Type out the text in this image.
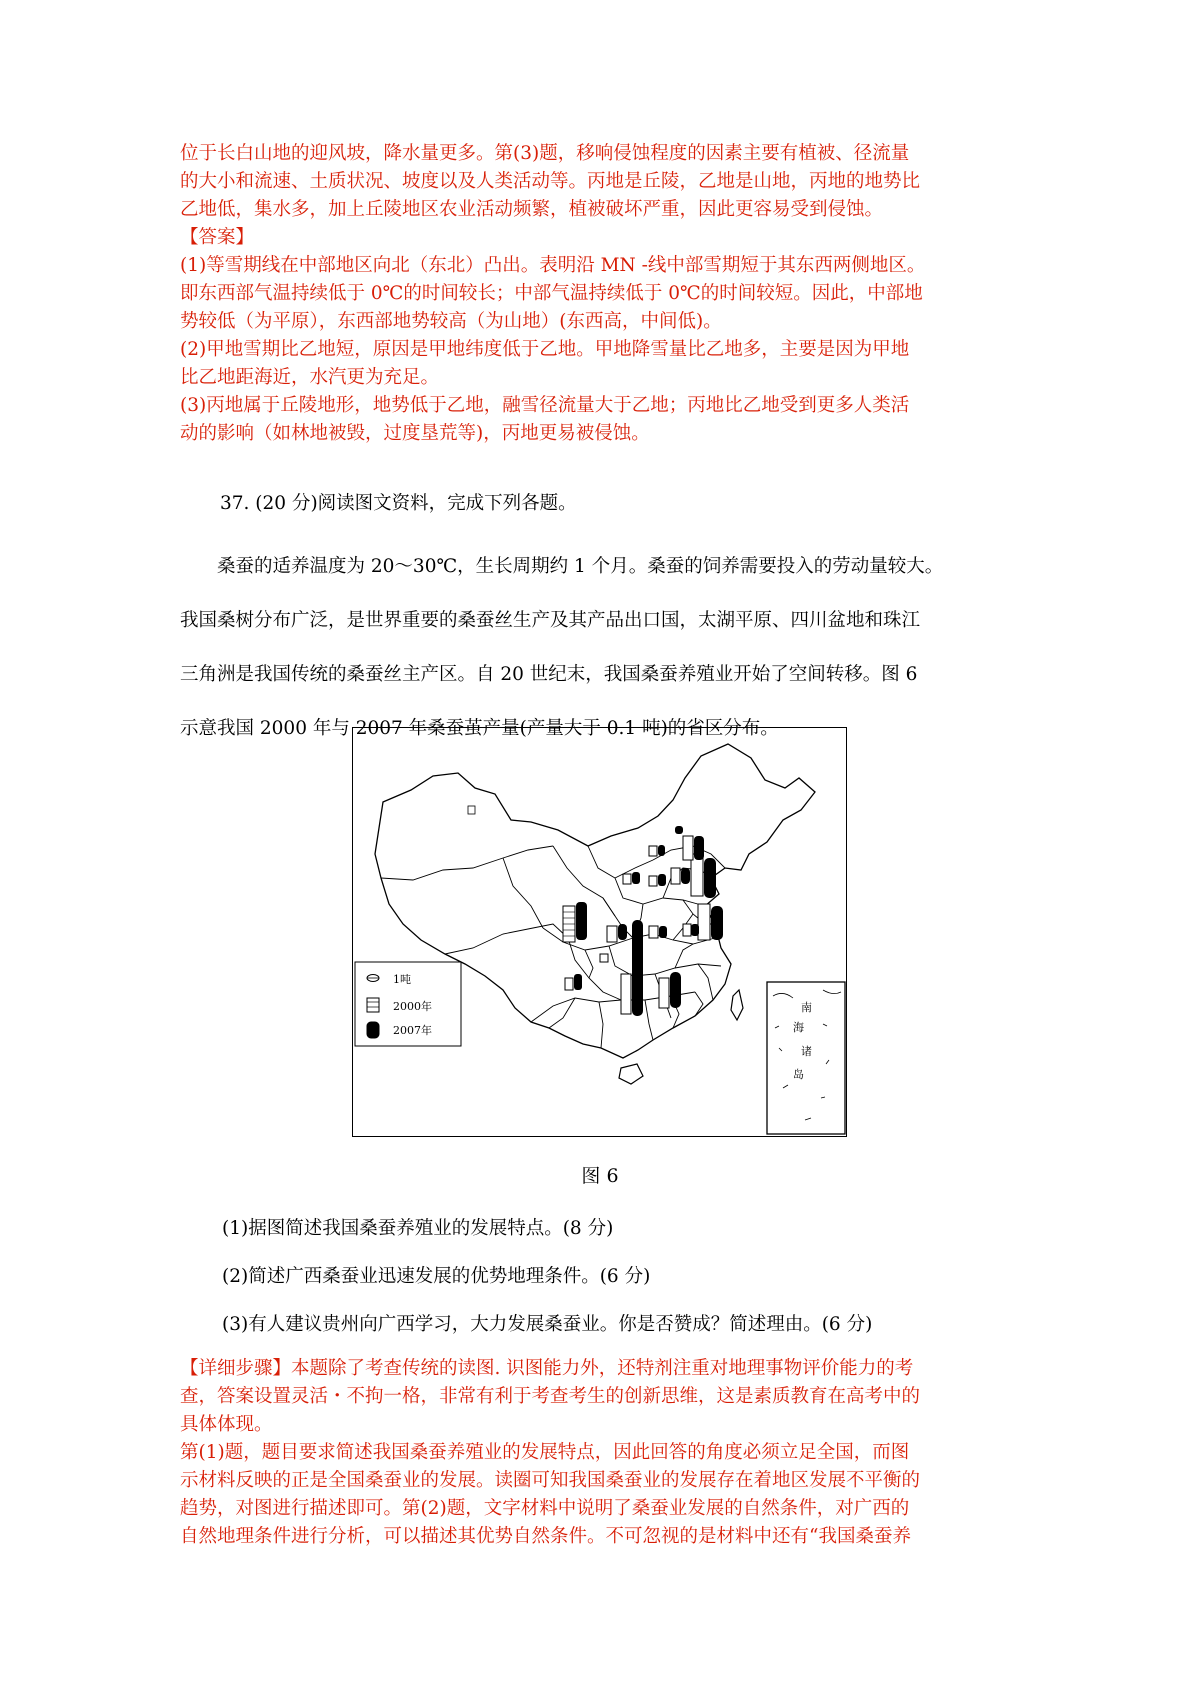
位于长白山地的迎风坡，降水量更多。第(3)题，移响侵蚀程度的因素主要有植被、径流量
的大小和流速、土质状况、坡度以及人类活动等。丙地是丘陵，乙地是山地，丙地的地势比
乙地低，集水多，加上丘陵地区农业活动频繁，植被破坏严重，因此更容易受到侵蚀。
【答案】
(1)等雪期线在中部地区向北（东北）凸出。表明沿 MN -线中部雪期短于其东西两侧地区。
即东西部气温持续低于 0℃的时间较长；中部气温持续低于 0℃的时间较短。因此，中部地
势较低（为平原），东西部地势较高（为山地）(东西高，中间低)。
(2)甲地雪期比乙地短，原因是甲地纬度低于乙地。甲地降雪量比乙地多，主要是因为甲地
比乙地距海近，水汽更为充足。
(3)丙地属于丘陵地形，地势低于乙地，融雪径流量大于乙地；丙地比乙地受到更多人类活
动的影响（如林地被毁，过度垦荒等)，丙地更易被侵蚀。
37. (20 分)阅读图文资料，完成下列各题。
桑蚕的适养温度为 20～30℃，生长周期约 1 个月。桑蚕的饲养需要投入的劳动量较大。
我国桑树分布广泛，是世界重要的桑蚕丝生产及其产品出口国，太湖平原、四川盆地和珠江
三角洲是我国传统的桑蚕丝主产区。自 20 世纪末，我国桑蚕养殖业开始了空间转移。图 6
示意我国 2000 年与 2007 年桑蚕茧产量(产量大于 0.1 吨)的省区分布。
1吨
2000年
2007年
南
海
诸
岛
图 6
(1)据图简述我国桑蚕养殖业的发展特点。(8 分)
(2)简述广西桑蚕业迅速发展的优势地理条件。(6 分)
(3)有人建议贵州向广西学习，大力发展桑蚕业。你是否赞成？简述理由。(6 分)
【详细步骤】本题除了考查传统的读图. 识图能力外，还特剂注重对地理事物评价能力的考
查，答案设置灵活・不拘一格，非常有利于考查考生的创新思维，这是素质教育在高考中的
具体体现。
第(1)题，题目要求简述我国桑蚕养殖业的发展特点，因此回答的角度必须立足全国，而图
示材料反映的正是全国桑蚕业的发展。读圈可知我国桑蚕业的发展存在着地区发展不平衡的
趋势，对图进行描述即可。第(2)题，文字材料中说明了桑蚕业发展的自然条件，对广西的
自然地理条件进行分析，可以描述其优势自然条件。不可忽视的是材料中还有“我国桑蚕养
